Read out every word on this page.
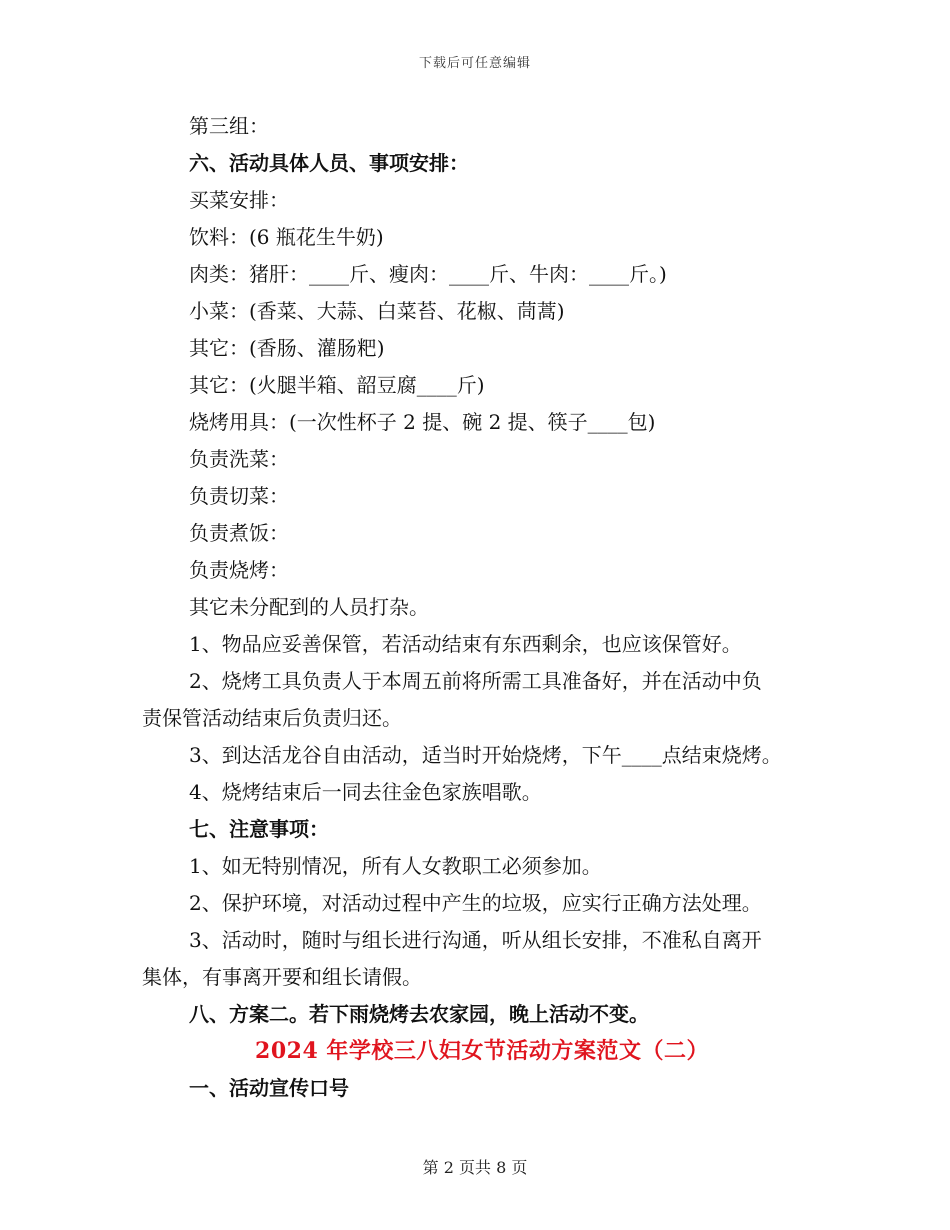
下载后可任意编辑

第三组：

六、活动具体人员、事项安排：

买菜安排：

饮料：(6 瓶花生牛奶)

肉类：猪肝：____斤、瘦肉：____斤、牛肉：____斤。)

小菜：(香菜、大蒜、白菜苔、花椒、茼蒿)

其它：(香肠、灌肠粑)

其它：(火腿半箱、韶豆腐____斤)

烧烤用具：(一次性杯子 2 提、碗 2 提、筷子____包)

负责洗菜：

负责切菜：

负责煮饭：

负责烧烤：

其它未分配到的人员打杂。

1、物品应妥善保管，若活动结束有东西剩余，也应该保管好。

2、烧烤工具负责人于本周五前将所需工具准备好，并在活动中负

责保管活动结束后负责归还。

3、到达活龙谷自由活动，适当时开始烧烤，下午____点结束烧烤。

4、烧烤结束后一同去往金色家族唱歌。

七、注意事项：

1、如无特别情况，所有人女教职工必须参加。

2、保护环境，对活动过程中产生的垃圾，应实行正确方法处理。

3、活动时，随时与组长进行沟通，听从组长安排，不准私自离开

集体，有事离开要和组长请假。

八、方案二。若下雨烧烤去农家园，晚上活动不变。

2024 年学校三八妇女节活动方案范文（二）

一、活动宣传口号

第 2 页共 8 页
